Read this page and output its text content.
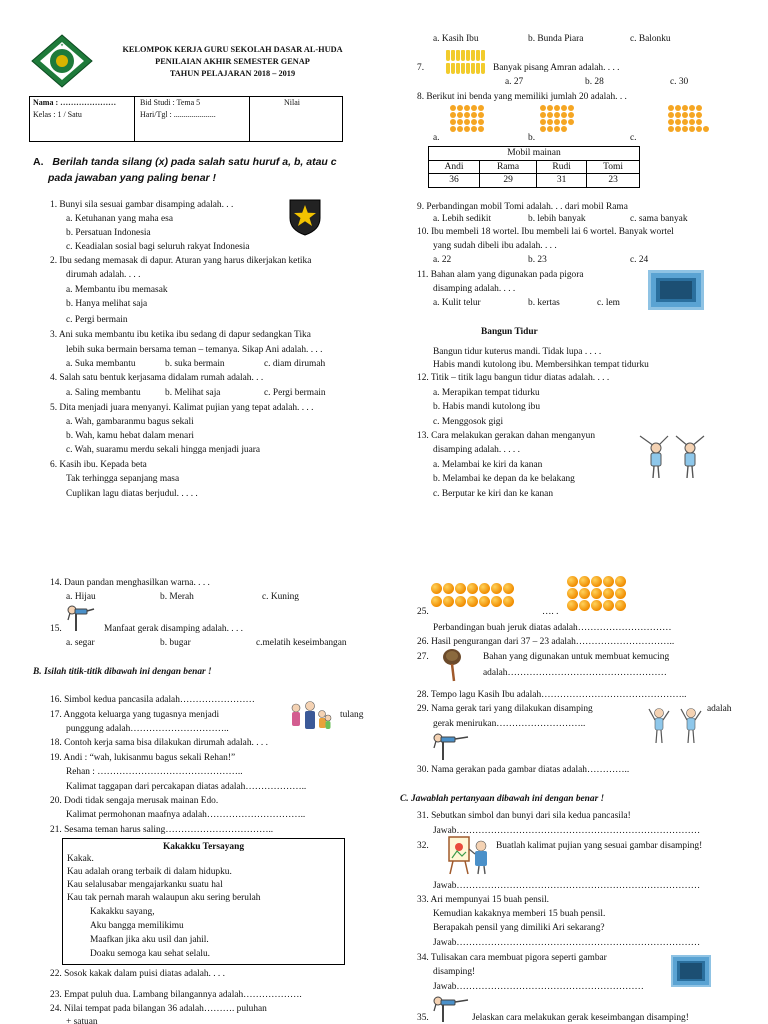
✦	KELOMPOK KERJA GURU SEKOLAH DASAR AL-HUDA
PENILAIAN AKHIR SEMESTER GENAP
TAHUN PELAJARAN 2018 – 2019
Nama : …………………
Kelas : 1 / Satu
Bid Studi : Tema 5
Hari/Tgl : .....................
Nilai
A. Berilah tanda silang (x) pada salah satu huruf a, b, atau c
pada jawaban yang paling benar !
1. Bunyi sila sesuai gambar disamping adalah. . .
a. Ketuhanan yang maha esa
b. Persatuan Indonesia
c. Keadialan sosial bagi seluruh rakyat Indonesia
2. Ibu sedang memasak di dapur. Aturan yang harus dikerjakan ketika
dirumah adalah. . . .
a. Membantu ibu memasak
b. Hanya melihat saja
c. Pergi bermain
3. Ani suka membantu ibu ketika ibu sedang di dapur sedangkan Tika
lebih suka bermain bersama teman – temanya. Sikap Ani adalah. . . .
a. Suka membantu	b. suka bermain	c. diam dirumah
4. Salah satu bentuk kerjasama didalam rumah adalah. . .
a. Saling membantu	b. Melihat saja	c. Pergi bermain
5. Dita menjadi juara menyanyi. Kalimat pujian yang tepat adalah. . . .
a. Wah, gambaranmu bagus sekali
b. Wah, kamu hebat dalam menari
c. Wah, suaramu merdu sekali hingga menjadi juara
6. Kasih ibu. Kepada beta
Tak terhingga sepanjang masa
Cuplikan lagu diatas berjudul. . . . .
a. Kasih Ibu	b. Bunda Piara	c. Balonku
7.	Banyak pisang Amran adalah. . . .
a. 27	b. 28	c. 30
8. Berikut ini benda yang memiliki jumlah 20 adalah. . .
a.	b.	c.
Mobil mainan			
Andi	Rama	Rudi	Tomi
36	29	31	23
9. Perbandingan mobil Tomi adalah. . . dari mobil Rama
a. Lebih sedikit	b. lebih banyak	c. sama banyak
10. Ibu membeli 18 wortel. Ibu membeli lai 6 wortel. Banyak wortel
yang sudah dibeli ibu adalah. . . .
a. 22	b. 23	c. 24
11. Bahan alam yang digunakan pada pigora
disamping adalah. . . .
a. Kulit telur	b. kertas	c. lem
Bangun Tidur
Bangun tidur kuterus mandi. Tidak lupa . . . .
Habis mandi kutolong ibu. Membersihkan tempat tidurku
12. Titik – titik lagu bangun tidur diatas adalah. . . .
a. Merapikan tempat tidurku
b. Habis mandi kutolong ibu
c. Menggosok gigi
13. Cara melakukan gerakan dahan menganyun
disamping adalah. . . . .
a. Melambai ke kiri da kanan
b. Melambai ke depan da ke belakang
c. Berputar ke kiri dan ke kanan
14. Daun pandan menghasilkan warna. . . .
a. Hijau	b. Merah	c. Kuning
15.	Manfaat gerak disamping adalah. . . .
a. segar	b. bugar	c.melatih keseimbangan
B. Isilah titik-titik dibawah ini dengan benar !
16. Simbol kedua pancasila adalah……………………
17. Anggota keluarga yang tugasnya menjadi	tulang
punggung adalah…………………………..
18. Contoh kerja sama bisa dilakukan dirumah adalah. . . .
19. Andi : “wah, lukisanmu bagus sekali Rehan!”
Rehan : ………………………………………..
Kalimat taggapan dari percakapan diatas adalah………………..
20. Dodi tidak sengaja merusak mainan Edo.
Kalimat permohonan maafnya adalah…………………………..
21. Sesama teman harus saling……………………………..
Kakakku Tersayang
Kakak.
Kau adalah orang terbaik di dalam hidupku.
Kau selalusabar mengajarkanku suatu hal
Kau tak pernah marah walaupun aku sering berulah
Kakakku sayang,
Aku bangga memilikimu
Maafkan jika aku usil dan jahil.
Doaku semoga kau sehat selalu.
22. Sosok kakak dalam puisi diatas adalah. . . .
23. Empat puluh dua. Lambang bilangannya adalah……………….
24. Nilai tempat pada bilangan 36 adalah………. puluhan
+ satuan
25.	…. .
Perbandingan buah jeruk diatas adalah…………………………
26. Hasil pengurangan dari 37 – 23 adalah…………………………..
27.	Bahan yang digunakan untuk membuat kemucing
adalah……………………………………………
28. Tempo lagu Kasih Ibu adalah………………………………………..
29. Nama gerak tari yang dilakukan disamping	adalah
gerak menirukan………………………..
30. Nama gerakan pada gambar diatas adalah…………..
C. Jawablah pertanyaan dibawah ini dengan benar !
31. Sebutkan simbol dan bunyi dari sila kedua pancasila!
Jawab……………………………………………………………………
32.	Buatlah kalimat pujian yang sesuai gambar disamping!
Jawab……………………………………………………………………
33. Ari mempunyai 15 buah pensil.
Kemudian kakaknya memberi 15 buah pensil.
Berapakah pensil yang dimiliki Ari sekarang?
Jawab……………………………………………………………………
34. Tulisakan cara membuat pigora seperti gambar
disamping!
Jawab……………………………………………………
35.	Jelaskan cara melakukan gerak keseimbangan disamping!
